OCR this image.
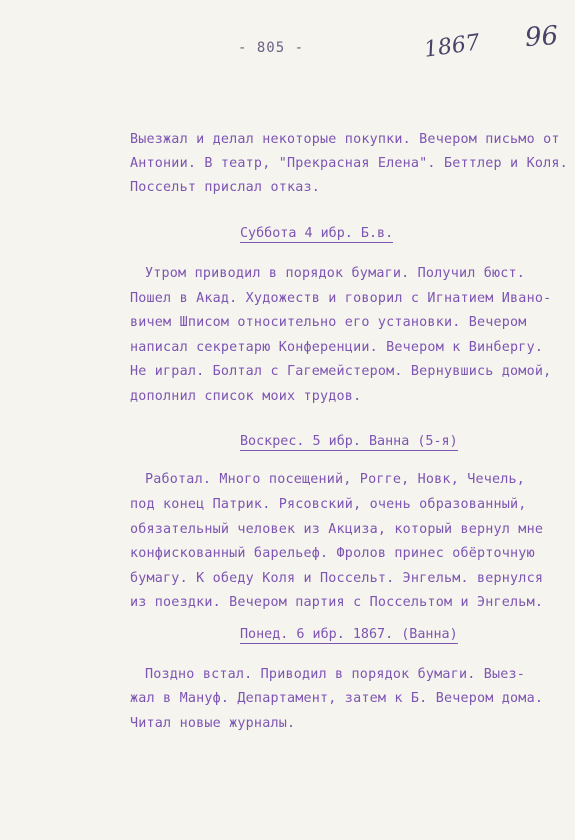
- 805 -	1867 96
Выезжал и делал некоторые покупки. Вечером письмо от
Антонии. В театр, "Прекрасная Елена". Беттлер и Коля.
Поссельт прислал отказ.
Суббота 4 ибр. Б.в.
Утром приводил в порядок бумаги. Получил бюст.
Пошел в Акад. Художеств и говорил с Игнатием Ивано-
вичем Шписом относительно его установки. Вечером
написал секретарю Конференции. Вечером к Винбергу.
Не играл. Болтал с Гагемейстером. Вернувшись домой,
дополнил список моих трудов.
Воскрес. 5 ибр. Ванна (5-я)
Работал. Много посещений, Рогге, Новк, Чечель,
под конец Патрик. Рясовский, очень образованный,
обязательный человек из Акциза, который вернул мне
конфискованный барельеф. Фролов принес обёрточную
бумагу. К обеду Коля и Поссельт. Энгельм. вернулся
из поездки. Вечером партия с Поссельтом и Энгельм.
Понед. 6 ибр. 1867. (Ванна)
Поздно встал. Приводил в порядок бумаги. Выез-
жал в Мануф. Департамент, затем к Б. Вечером дома.
Читал новые журналы.
